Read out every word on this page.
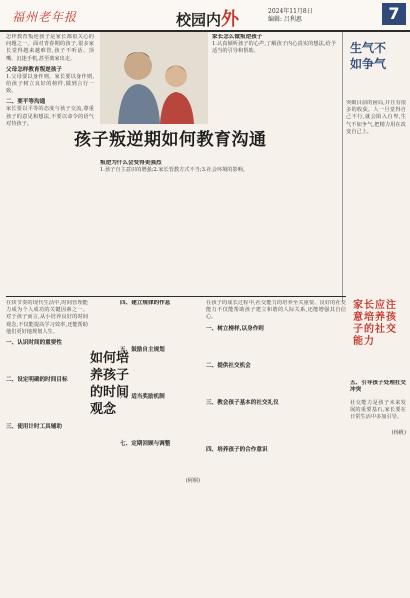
福州老年报	校园内外	2024年11月8日
编辑: 吕利惠	7
怎样教育叛逆孩子是家长都很关心的问题之一。面对青春期的孩子,很多家长觉得越来越难管,孩子不听话、顶嘴、沉迷手机,甚至离家出走。
父母怎样教育叛逆孩子
1.父母要以身作则。家长要以身作则,给孩子树立良好的榜样,做到言行一致。
二、要平等沟通
家长要以平等的态度与孩子交流,尊重孩子的意见和想法,不要以命令的语气对待孩子。
家长怎么做叛逆孩子
1.认真倾听孩子的心声,了解孩子内心真实的想法,给予适当的引导和帮助。
孩子叛逆期如何教育沟通
叛逆为什么会变得更强烈
1.孩子自主意识的增强;2.家长管教方式不当;3.社会环境的影响。
生气不如争气
突破目前的困局,并且有很多的收获。人一旦觉得自己不行,就会陷入自卑,生气不如争气,把精力用在改变自己上。
在快节奏的现代生活中,时间管理能力成为个人成功的关键因素之一。对于孩子而言,从小培养良好的时间观念,不仅能提高学习效率,还能帮助他们更好地规划人生。
一、认识时间的重要性
二、设定明确的时间目标
三、使用计时工具辅助
如何培养孩子的时间观念
四、建立规律的作息
五、鼓励自主规划
六、适当奖励机制
七、定期回顾与调整
(阿桐)
在孩子的成长过程中,社交能力的培养至关重要。良好的社交能力不仅能帮助孩子建立和谐的人际关系,还能增强其自信心。
一、树立榜样,以身作则
二、提供社交机会
三、教会孩子基本的社交礼仪
四、培养孩子的合作意识
家长应注意培养孩子的社交能力
五、引导孩子处理社交冲突
社交能力是孩子未来发展的重要基石,家长要在日常生活中多加引导。
(杨帆)
